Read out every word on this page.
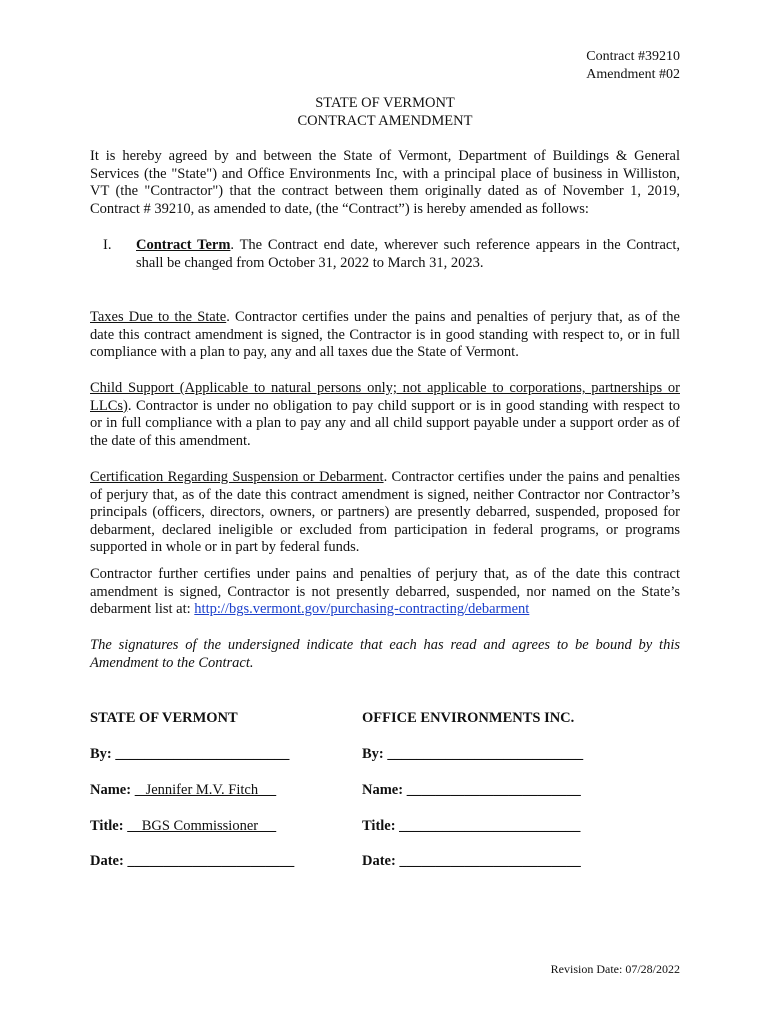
Contract #39210
Amendment #02
STATE OF VERMONT
CONTRACT AMENDMENT
It is hereby agreed by and between the State of Vermont, Department of Buildings & General Services (the "State") and Office Environments Inc, with a principal place of business in Williston, VT (the "Contractor") that the contract between them originally dated as of November 1, 2019, Contract # 39210, as amended to date, (the “Contract”) is hereby amended as follows:
I. Contract Term. The Contract end date, wherever such reference appears in the Contract, shall be changed from October 31, 2022 to March 31, 2023.
Taxes Due to the State. Contractor certifies under the pains and penalties of perjury that, as of the date this contract amendment is signed, the Contractor is in good standing with respect to, or in full compliance with a plan to pay, any and all taxes due the State of Vermont.
Child Support (Applicable to natural persons only; not applicable to corporations, partnerships or LLCs). Contractor is under no obligation to pay child support or is in good standing with respect to or in full compliance with a plan to pay any and all child support payable under a support order as of the date of this amendment.
Certification Regarding Suspension or Debarment. Contractor certifies under the pains and penalties of perjury that, as of the date this contract amendment is signed, neither Contractor nor Contractor’s principals (officers, directors, owners, or partners) are presently debarred, suspended, proposed for debarment, declared ineligible or excluded from participation in federal programs, or programs supported in whole or in part by federal funds.
Contractor further certifies under pains and penalties of perjury that, as of the date this contract amendment is signed, Contractor is not presently debarred, suspended, nor named on the State’s debarment list at: http://bgs.vermont.gov/purchasing-contracting/debarment
The signatures of the undersigned indicate that each has read and agrees to be bound by this Amendment to the Contract.
STATE OF VERMONT	OFFICE ENVIRONMENTS INC.
By: ________________________	By: ___________________________
Name:    Jennifer M.V. Fitch	Name: ________________________
Title:     BGS Commissioner	Title: _________________________
Date: _______________________	Date: _________________________
Revision Date: 07/28/2022
